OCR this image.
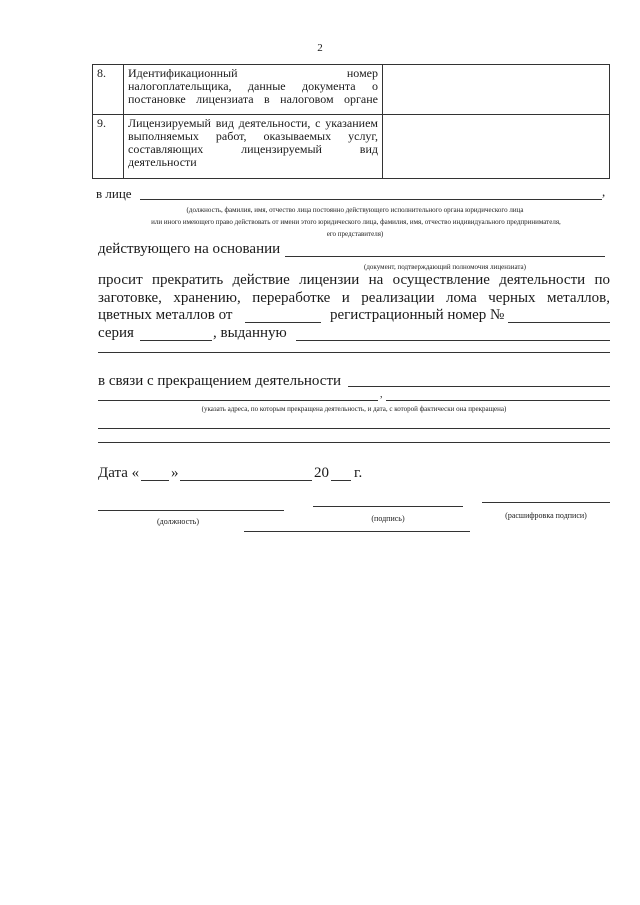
2
8.	Идентификационный номер налогоплательщика, данные документа о постановке лицензиата в налоговом органе	
9.	Лицензируемый вид деятельности, с указанием выполняемых работ, оказываемых услуг, составляющих лицензируемый вид деятельности	
в лице	,
(должность, фамилия, имя, отчество лица постоянно действующего исполнительного органа юридического лица
или иного имеющего право действовать от имени этого юридического лица, фамилия, имя, отчество индивидуального предпринимателя,
его представителя)
действующего на основании
(документ, подтверждающий полномочия лицензиата)
просит прекратить действие лицензии на осуществление деятельности по
заготовке, хранению, переработке и реализации лома черных металлов,
цветных металлов от	регистрационный номер №
серия	, выданную
в связи с прекращением деятельности
,
(указать адреса, по которым прекращена деятельность, и дата, с которой фактически она прекращена)
Дата « »	20 г.
(должность)	(подпись)	(расшифровка подписи)
